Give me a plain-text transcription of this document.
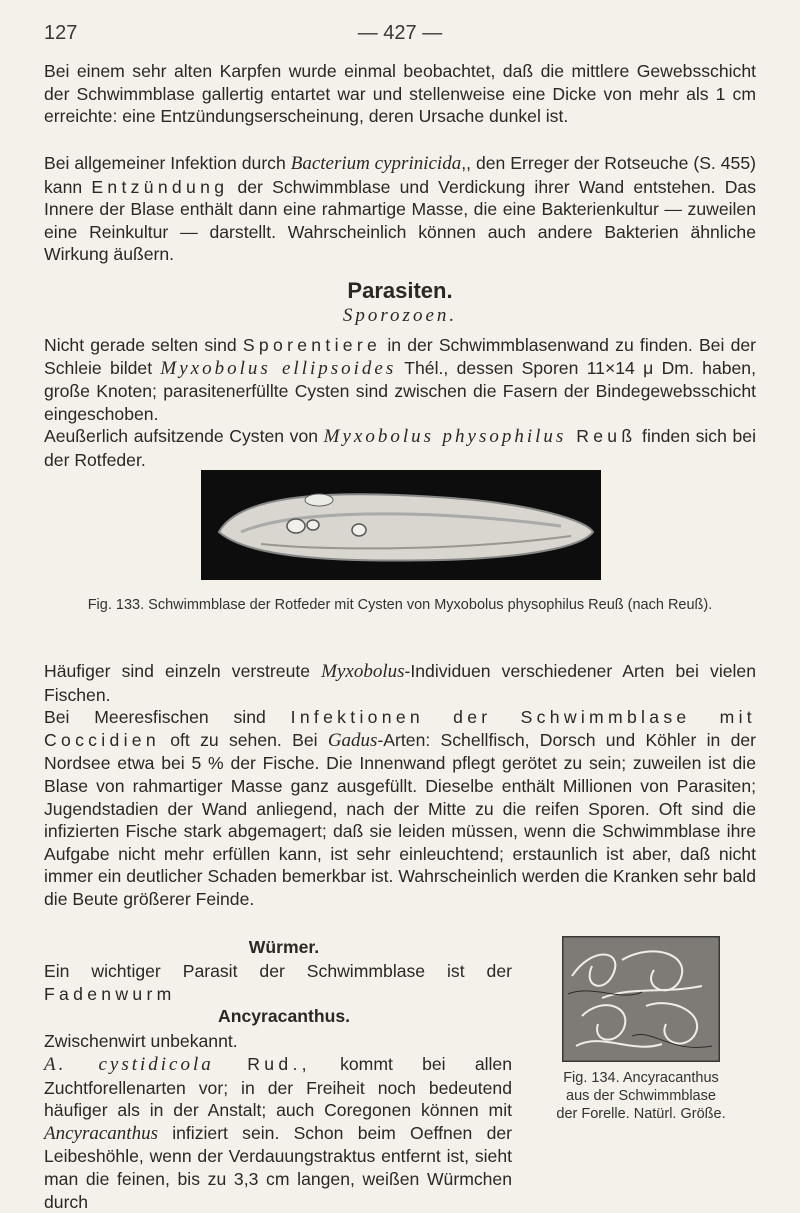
127	— 427 —

Bei einem sehr alten Karpfen wurde einmal beobachtet, daß die mittlere Gewebsschicht der Schwimmblase gallertig entartet war und stellenweise eine Dicke von mehr als 1 cm erreichte: eine Entzündungserscheinung, deren Ursache dunkel ist.

Bei allgemeiner Infektion durch Bacterium cyprinicida,, den Erreger der Rotseuche (S. 455) kann Entzündung der Schwimmblase und Verdickung ihrer Wand entstehen. Das Innere der Blase enthält dann eine rahmartige Masse, die eine Bakterienkultur — zuweilen eine Reinkultur — darstellt. Wahrscheinlich können auch andere Bakterien ähnliche Wirkung äußern.

Parasiten.
Sporozoen.

Nicht gerade selten sind Sporentiere in der Schwimmblasenwand zu finden. Bei der Schleie bildet Myxobolus ellipsoides Thél., dessen Sporen 11×14 μ Dm. haben, große Knoten; parasitenerfüllte Cysten sind zwischen die Fasern der Bindegewebsschicht eingeschoben.

Aeußerlich aufsitzende Cysten von Myxobolus physophilus Reuß finden sich bei der Rotfeder.

Fig. 133. Schwimmblase der Rotfeder mit Cysten von Myxobolus physophilus Reuß (nach Reuß).

Häufiger sind einzeln verstreute Myxobolus-Individuen verschiedener Arten bei vielen Fischen.

Bei Meeresfischen sind Infektionen der Schwimmblase mit Coccidien oft zu sehen. Bei Gadus-Arten: Schellfisch, Dorsch und Köhler in der Nordsee etwa bei 5 % der Fische. Die Innenwand pflegt gerötet zu sein; zuweilen ist die Blase von rahmartiger Masse ganz ausgefüllt. Dieselbe enthält Millionen von Parasiten; Jugendstadien der Wand anliegend, nach der Mitte zu die reifen Sporen. Oft sind die infizierten Fische stark abgemagert; daß sie leiden müssen, wenn die Schwimmblase ihre Aufgabe nicht mehr erfüllen kann, ist sehr einleuchtend; erstaunlich ist aber, daß nicht immer ein deutlicher Schaden bemerkbar ist. Wahrscheinlich werden die Kranken sehr bald die Beute größerer Feinde.

Würmer.

Ein wichtiger Parasit der Schwimmblase ist der Fadenwurm

Ancyracanthus.

Zwischenwirt unbekannt.

A. cystidicola Rud., kommt bei allen Zuchtforellenarten vor; in der Freiheit noch bedeutend häufiger als in der Anstalt; auch Coregonen können mit Ancyracanthus infiziert sein. Schon beim Oeffnen der Leibeshöhle, wenn der Verdauungstraktus entfernt ist, sieht man die feinen, bis zu 3,3 cm langen, weißen Würmchen durch

Fig. 134. Ancyracanthus aus der Schwimmblase der Forelle. Natürl. Größe.
